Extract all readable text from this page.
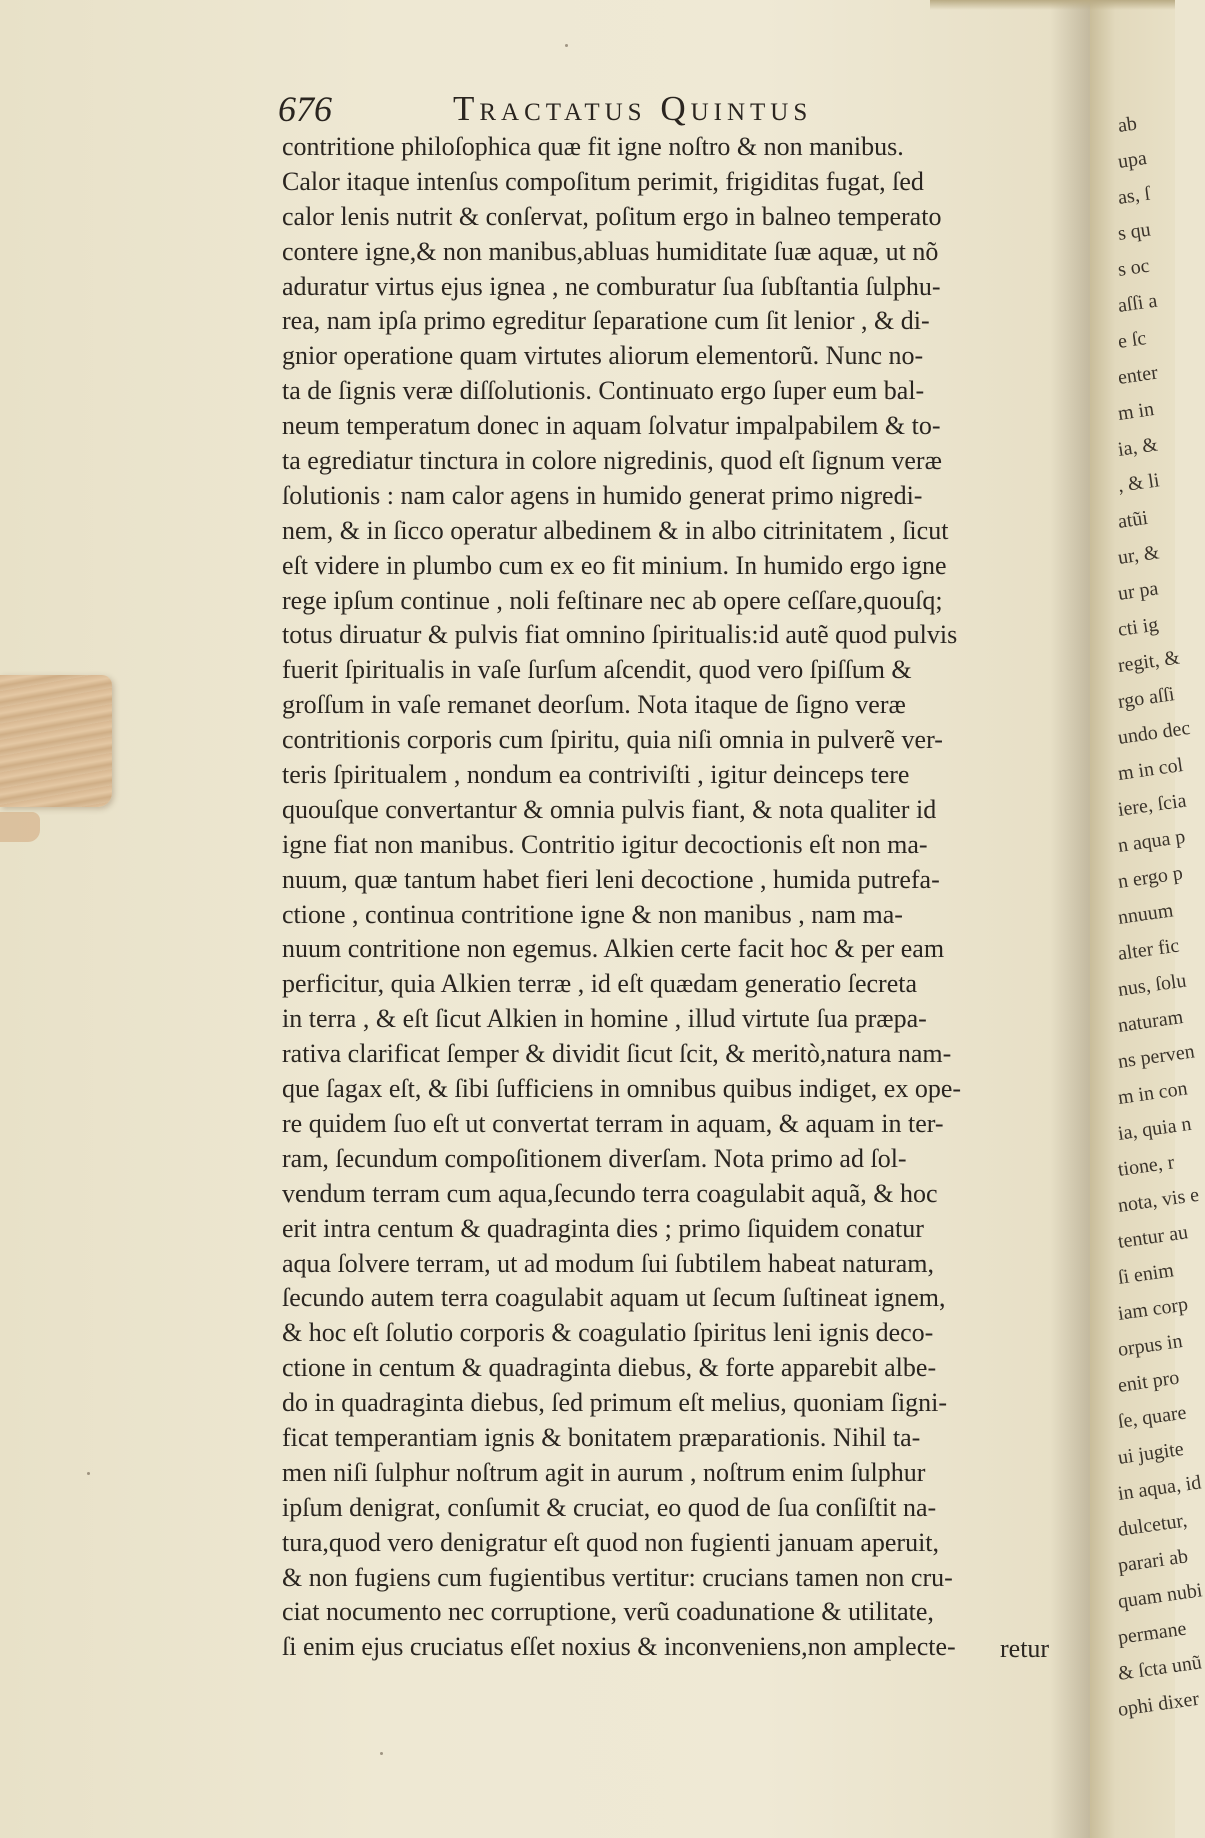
ab
upa
as, ſ
s qu
s oc
aſſi a
e ſc
enter
m in
ia, &
, & li
atũi
ur, &
ur pa
cti ig
regit, &
rgo aſſi
undo dec
m in col
iere, ſcia
n aqua p
n ergo p
nnuum
alter fic
nus, ſolu
naturam
ns perven
m in con
ia, quia n
tione, r
nota, vis e
tentur au
ſi enim
iam corp
orpus in
enit pro
ſe, quare
ui jugite
in aqua, id
dulcetur,
parari ab
quam nubi
permane
& ſcta unũ
ophi dixer
676	Tractatus Quintus
contritione philoſophica quæ fit igne noſtro & non manibus.
Calor itaque intenſus compoſitum perimit, frigiditas fugat, ſed
calor lenis nutrit & conſervat, poſitum ergo in balneo temperato
contere igne,& non manibus,abluas humiditate ſuæ aquæ, ut nõ
aduratur virtus ejus ignea , ne comburatur ſua ſubſtantia ſulphu-
rea, nam ipſa primo egreditur ſeparatione cum ſit lenior , & di-
gnior operatione quam virtutes aliorum elementorũ. Nunc no-
ta de ſignis veræ diſſolutionis. Continuato ergo ſuper eum bal-
neum temperatum donec in aquam ſolvatur impalpabilem & to-
ta egrediatur tinctura in colore nigredinis, quod eſt ſignum veræ
ſolutionis : nam calor agens in humido generat primo nigredi-
nem, & in ſicco operatur albedinem & in albo citrinitatem , ſicut
eſt videre in plumbo cum ex eo fit minium. In humido ergo igne
rege ipſum continue , noli feſtinare nec ab opere ceſſare,quouſq;
totus diruatur & pulvis fiat omnino ſpiritualis:id autẽ quod pulvis
fuerit ſpiritualis in vaſe ſurſum aſcendit, quod vero ſpiſſum &
groſſum in vaſe remanet deorſum. Nota itaque de ſigno veræ
contritionis corporis cum ſpiritu, quia niſi omnia in pulverẽ ver-
teris ſpiritualem , nondum ea contriviſti , igitur deinceps tere
quouſque convertantur & omnia pulvis fiant, & nota qualiter id
igne fiat non manibus. Contritio igitur decoctionis eſt non ma-
nuum, quæ tantum habet fieri leni decoctione , humida putrefa-
ctione , continua contritione igne & non manibus , nam ma-
nuum contritione non egemus. Alkien certe facit hoc & per eam
perficitur, quia Alkien terræ , id eſt quædam generatio ſecreta
in terra , & eſt ſicut Alkien in homine , illud virtute ſua præpa-
rativa clarificat ſemper & dividit ſicut ſcit, & meritò,natura nam-
que ſagax eſt, & ſibi ſufficiens in omnibus quibus indiget, ex ope-
re quidem ſuo eſt ut convertat terram in aquam, & aquam in ter-
ram, ſecundum compoſitionem diverſam. Nota primo ad ſol-
vendum terram cum aqua,ſecundo terra coagulabit aquã, & hoc
erit intra centum & quadraginta dies ; primo ſiquidem conatur
aqua ſolvere terram, ut ad modum ſui ſubtilem habeat naturam,
ſecundo autem terra coagulabit aquam ut ſecum ſuſtineat ignem,
& hoc eſt ſolutio corporis & coagulatio ſpiritus leni ignis deco-
ctione in centum & quadraginta diebus, & forte apparebit albe-
do in quadraginta diebus, ſed primum eſt melius, quoniam ſigni-
ficat temperantiam ignis & bonitatem præparationis. Nihil ta-
men niſi ſulphur noſtrum agit in aurum , noſtrum enim ſulphur
ipſum denigrat, conſumit & cruciat, eo quod de ſua conſiſtit na-
tura,quod vero denigratur eſt quod non fugienti januam aperuit,
& non fugiens cum fugientibus vertitur: crucians tamen non cru-
ciat nocumento nec corruptione, verũ coadunatione & utilitate,
ſi enim ejus cruciatus eſſet noxius & inconveniens,non amplecte-	retur
